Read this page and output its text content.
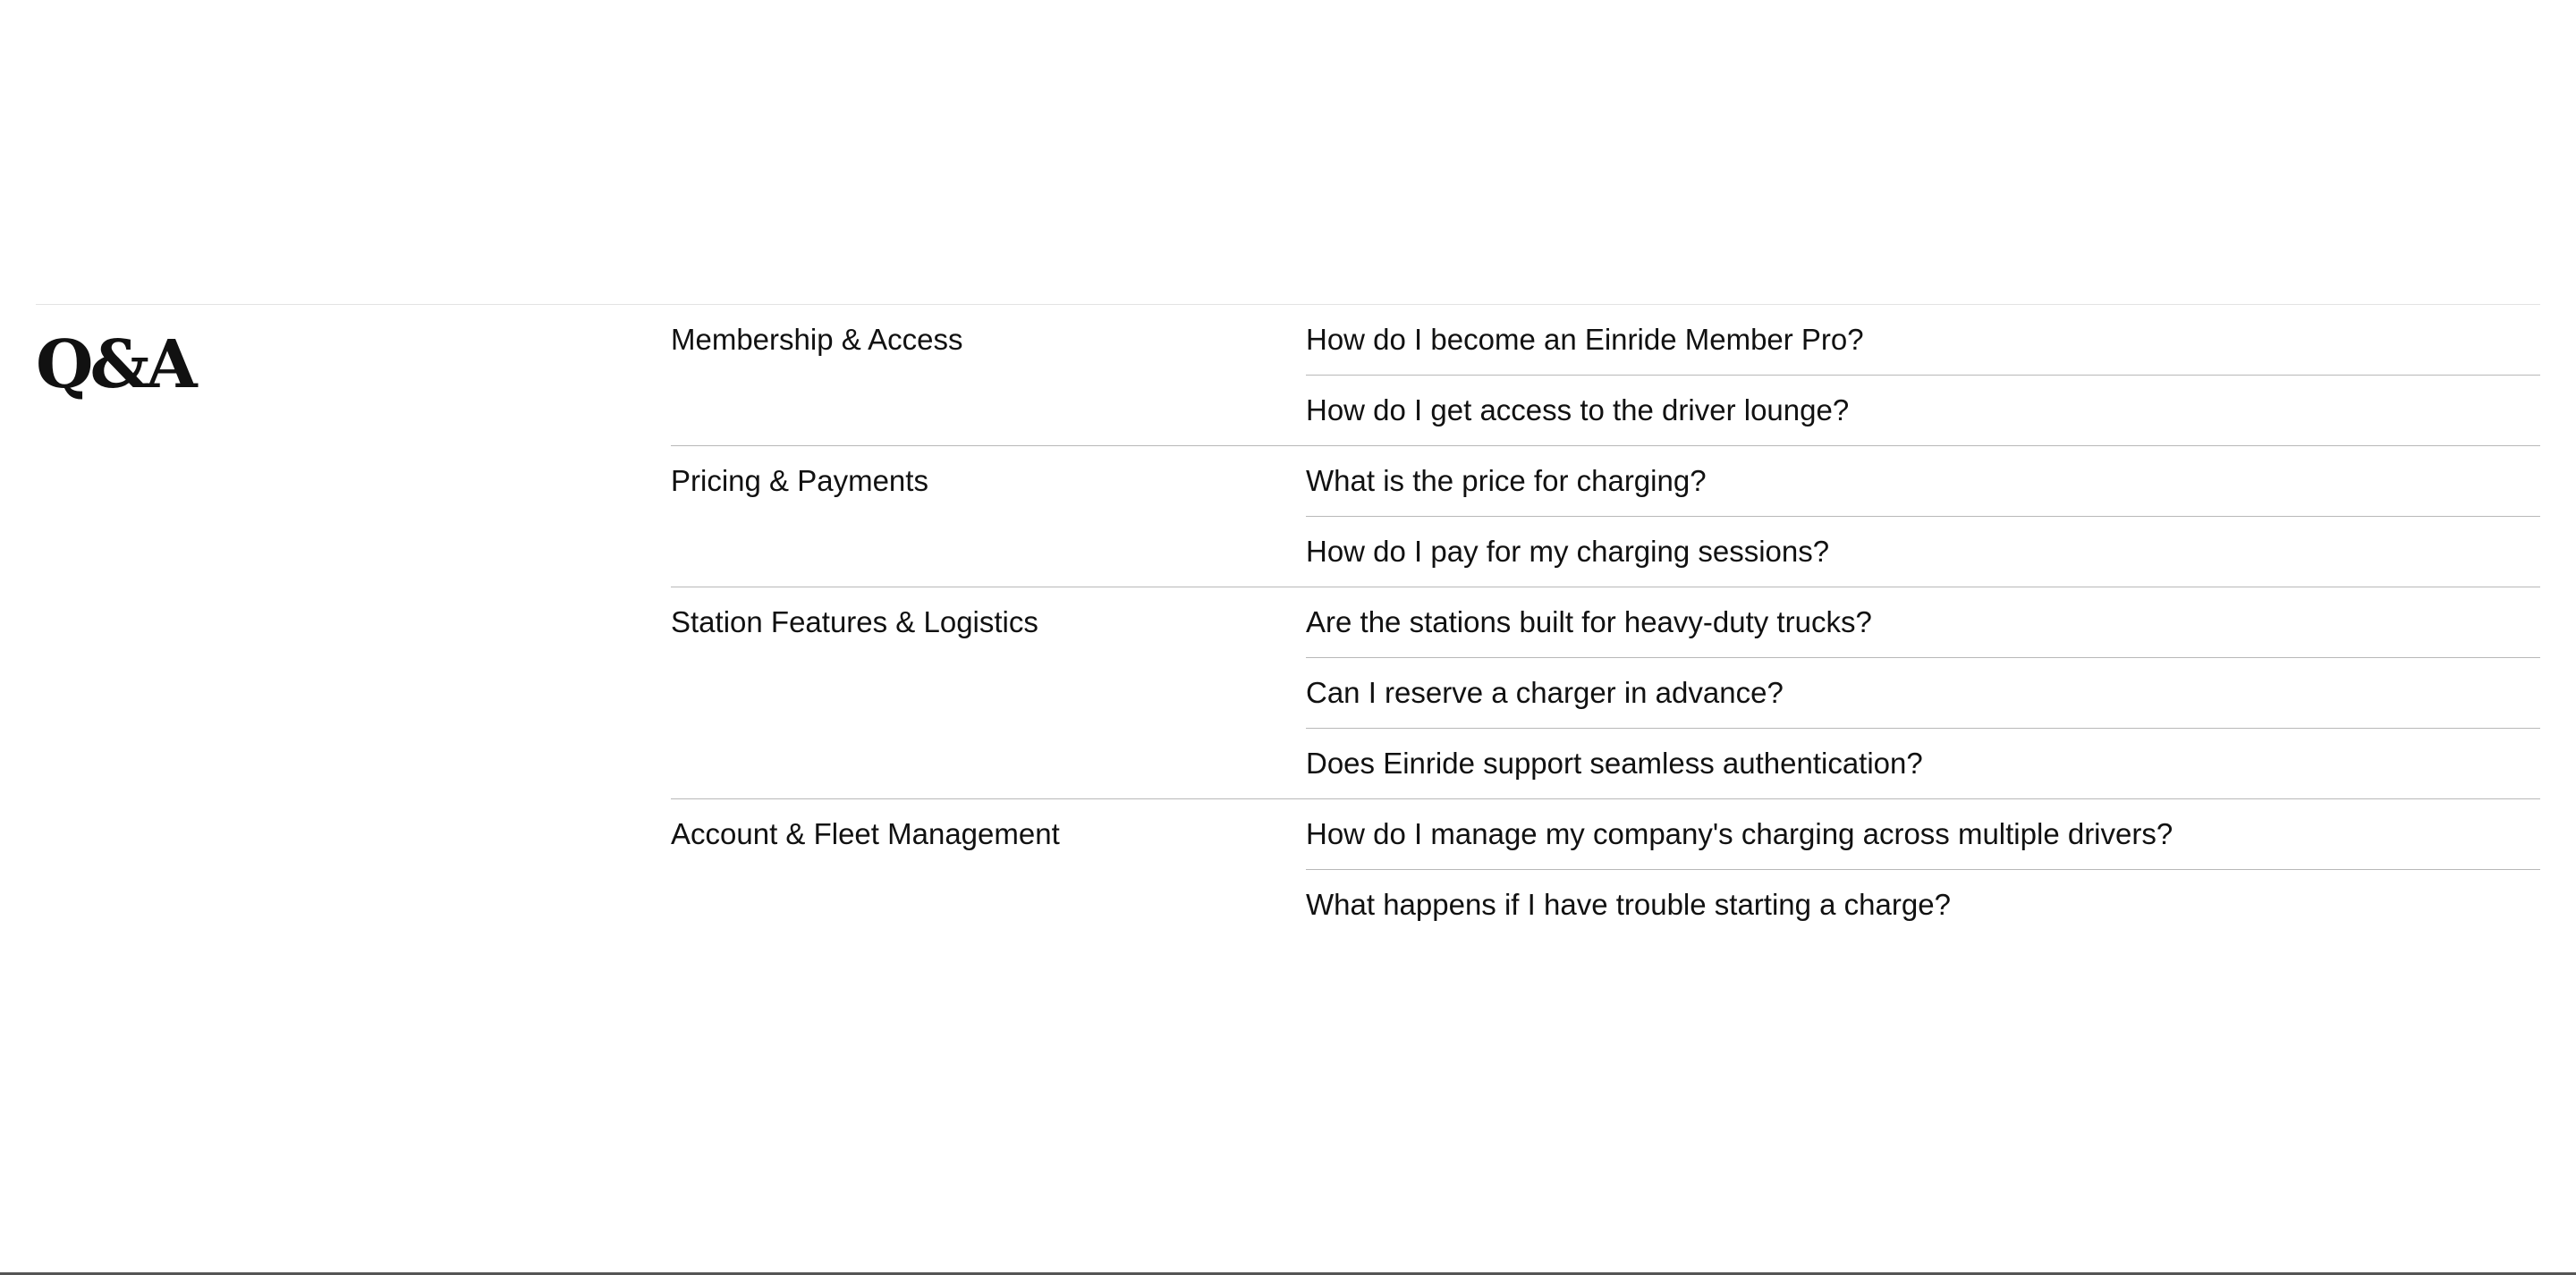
Q&A	Membership & Access	How do I become an Einride Member Pro?
How do I get access to the driver lounge?
Pricing & Payments	What is the price for charging?
How do I pay for my charging sessions?
Station Features & Logistics	Are the stations built for heavy-duty trucks?
Can I reserve a charger in advance?
Does Einride support seamless authentication?
Account & Fleet Management	How do I manage my company's charging across multiple drivers?
What happens if I have trouble starting a charge?
